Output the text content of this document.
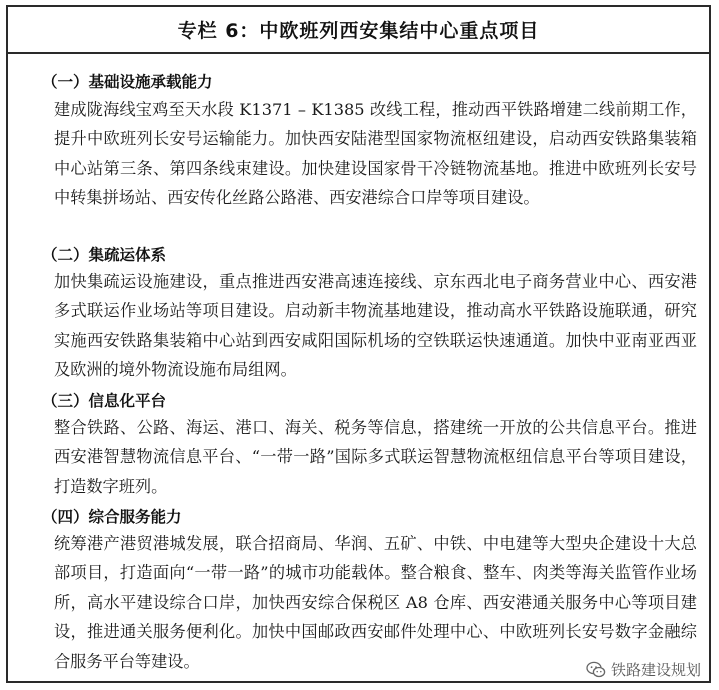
专栏 6：中欧班列西安集结中心重点项目
（一）基础设施承载能力
建成陇海线宝鸡至天水段 K1371 – K1385 改线工程，推动西平铁路增建二线前期工作，提升中欧班列长安号运输能力。加快西安陆港型国家物流枢纽建设，启动西安铁路集装箱中心站第三条、第四条线束建设。加快建设国家骨干冷链物流基地。推进中欧班列长安号中转集拼场站、西安传化丝路公路港、西安港综合口岸等项目建设。
（二）集疏运体系
加快集疏运设施建设，重点推进西安港高速连接线、京东西北电子商务营业中心、西安港多式联运作业场站等项目建设。启动新丰物流基地建设，推动高水平铁路设施联通，研究实施西安铁路集装箱中心站到西安咸阳国际机场的空铁联运快速通道。加快中亚南亚西亚及欧洲的境外物流设施布局组网。
（三）信息化平台
整合铁路、公路、海运、港口、海关、税务等信息，搭建统一开放的公共信息平台。推进西安港智慧物流信息平台、“一带一路”国际多式联运智慧物流枢纽信息平台等项目建设，打造数字班列。
（四）综合服务能力
统筹港产港贸港城发展，联合招商局、华润、五矿、中铁、中电建等大型央企建设十大总部项目，打造面向“一带一路”的城市功能载体。整合粮食、整车、肉类等海关监管作业场所，高水平建设综合口岸，加快西安综合保税区 A8 仓库、西安港通关服务中心等项目建设，推进通关服务便利化。加快中国邮政西安邮件处理中心、中欧班列长安号数字金融综合服务平台等建设。	铁路建设规划
